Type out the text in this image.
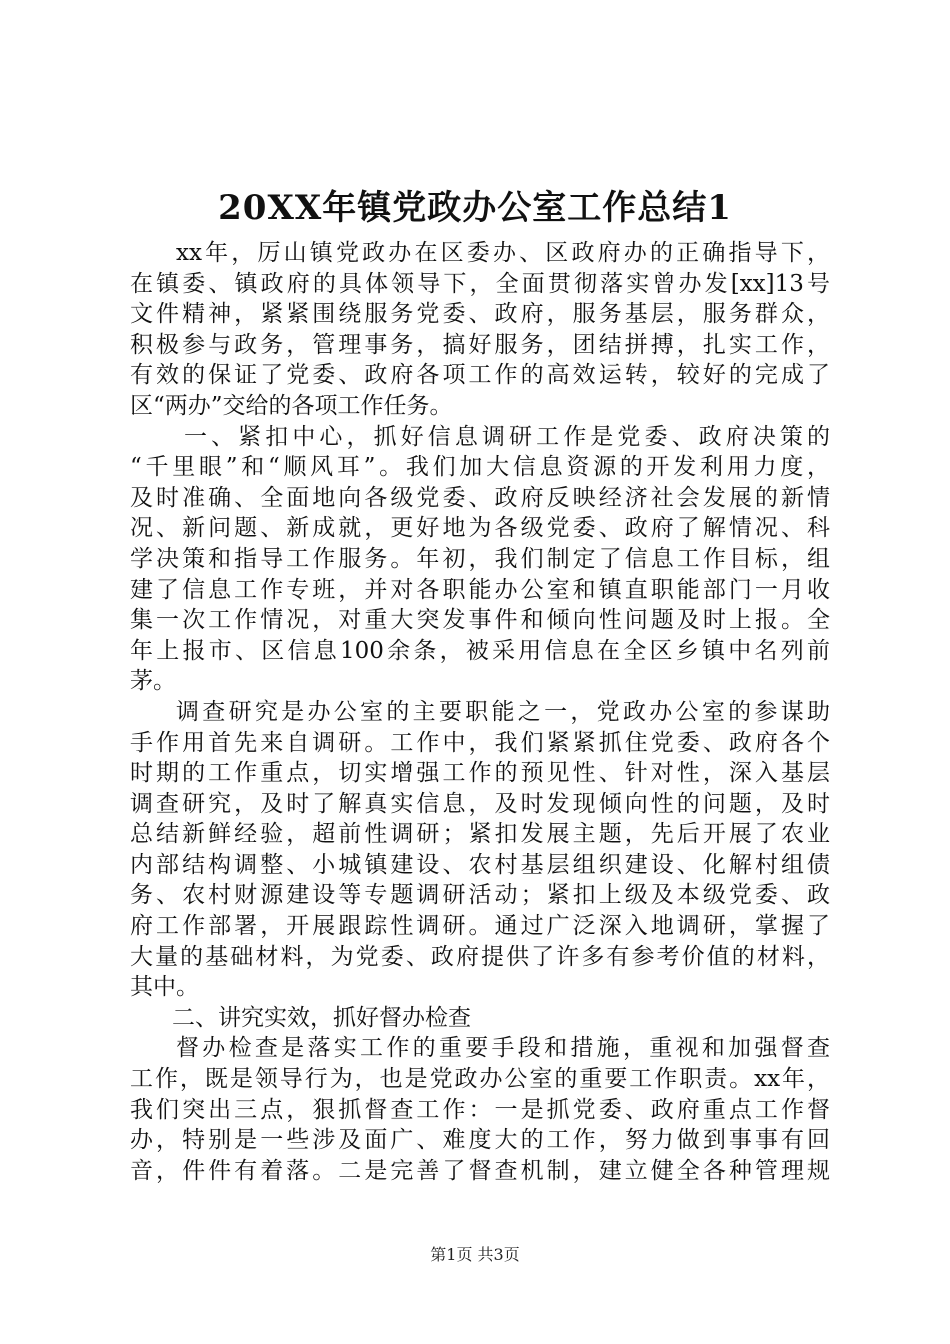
20XX年镇党政办公室工作总结1
xx年，厉山镇党政办在区委办、区政府办的正确指导下，
在镇委、镇政府的具体领导下，全面贯彻落实曾办发[xx]13号
文件精神，紧紧围绕服务党委、政府，服务基层，服务群众，
积极参与政务，管理事务，搞好服务，团结拼搏，扎实工作，
有效的保证了党委、政府各项工作的高效运转，较好的完成了
区“两办”交给的各项工作任务。
一、紧扣中心，抓好信息调研工作是党委、政府决策的
“千里眼”和“顺风耳”。我们加大信息资源的开发利用力度，
及时准确、全面地向各级党委、政府反映经济社会发展的新情
况、新问题、新成就，更好地为各级党委、政府了解情况、科
学决策和指导工作服务。年初，我们制定了信息工作目标，组
建了信息工作专班，并对各职能办公室和镇直职能部门一月收
集一次工作情况，对重大突发事件和倾向性问题及时上报。全
年上报市、区信息100余条，被采用信息在全区乡镇中名列前
茅。
调查研究是办公室的主要职能之一，党政办公室的参谋助
手作用首先来自调研。工作中，我们紧紧抓住党委、政府各个
时期的工作重点，切实增强工作的预见性、针对性，深入基层
调查研究，及时了解真实信息，及时发现倾向性的问题，及时
总结新鲜经验，超前性调研；紧扣发展主题，先后开展了农业
内部结构调整、小城镇建设、农村基层组织建设、化解村组债
务、农村财源建设等专题调研活动；紧扣上级及本级党委、政
府工作部署，开展跟踪性调研。通过广泛深入地调研，掌握了
大量的基础材料，为党委、政府提供了许多有参考价值的材料，
其中。
二、讲究实效，抓好督办检查
督办检查是落实工作的重要手段和措施，重视和加强督查
工作，既是领导行为，也是党政办公室的重要工作职责。xx年，
我们突出三点，狠抓督查工作：一是抓党委、政府重点工作督
办，特别是一些涉及面广、难度大的工作，努力做到事事有回
音，件件有着落。二是完善了督查机制，建立健全各种管理规
第1页 共3页
